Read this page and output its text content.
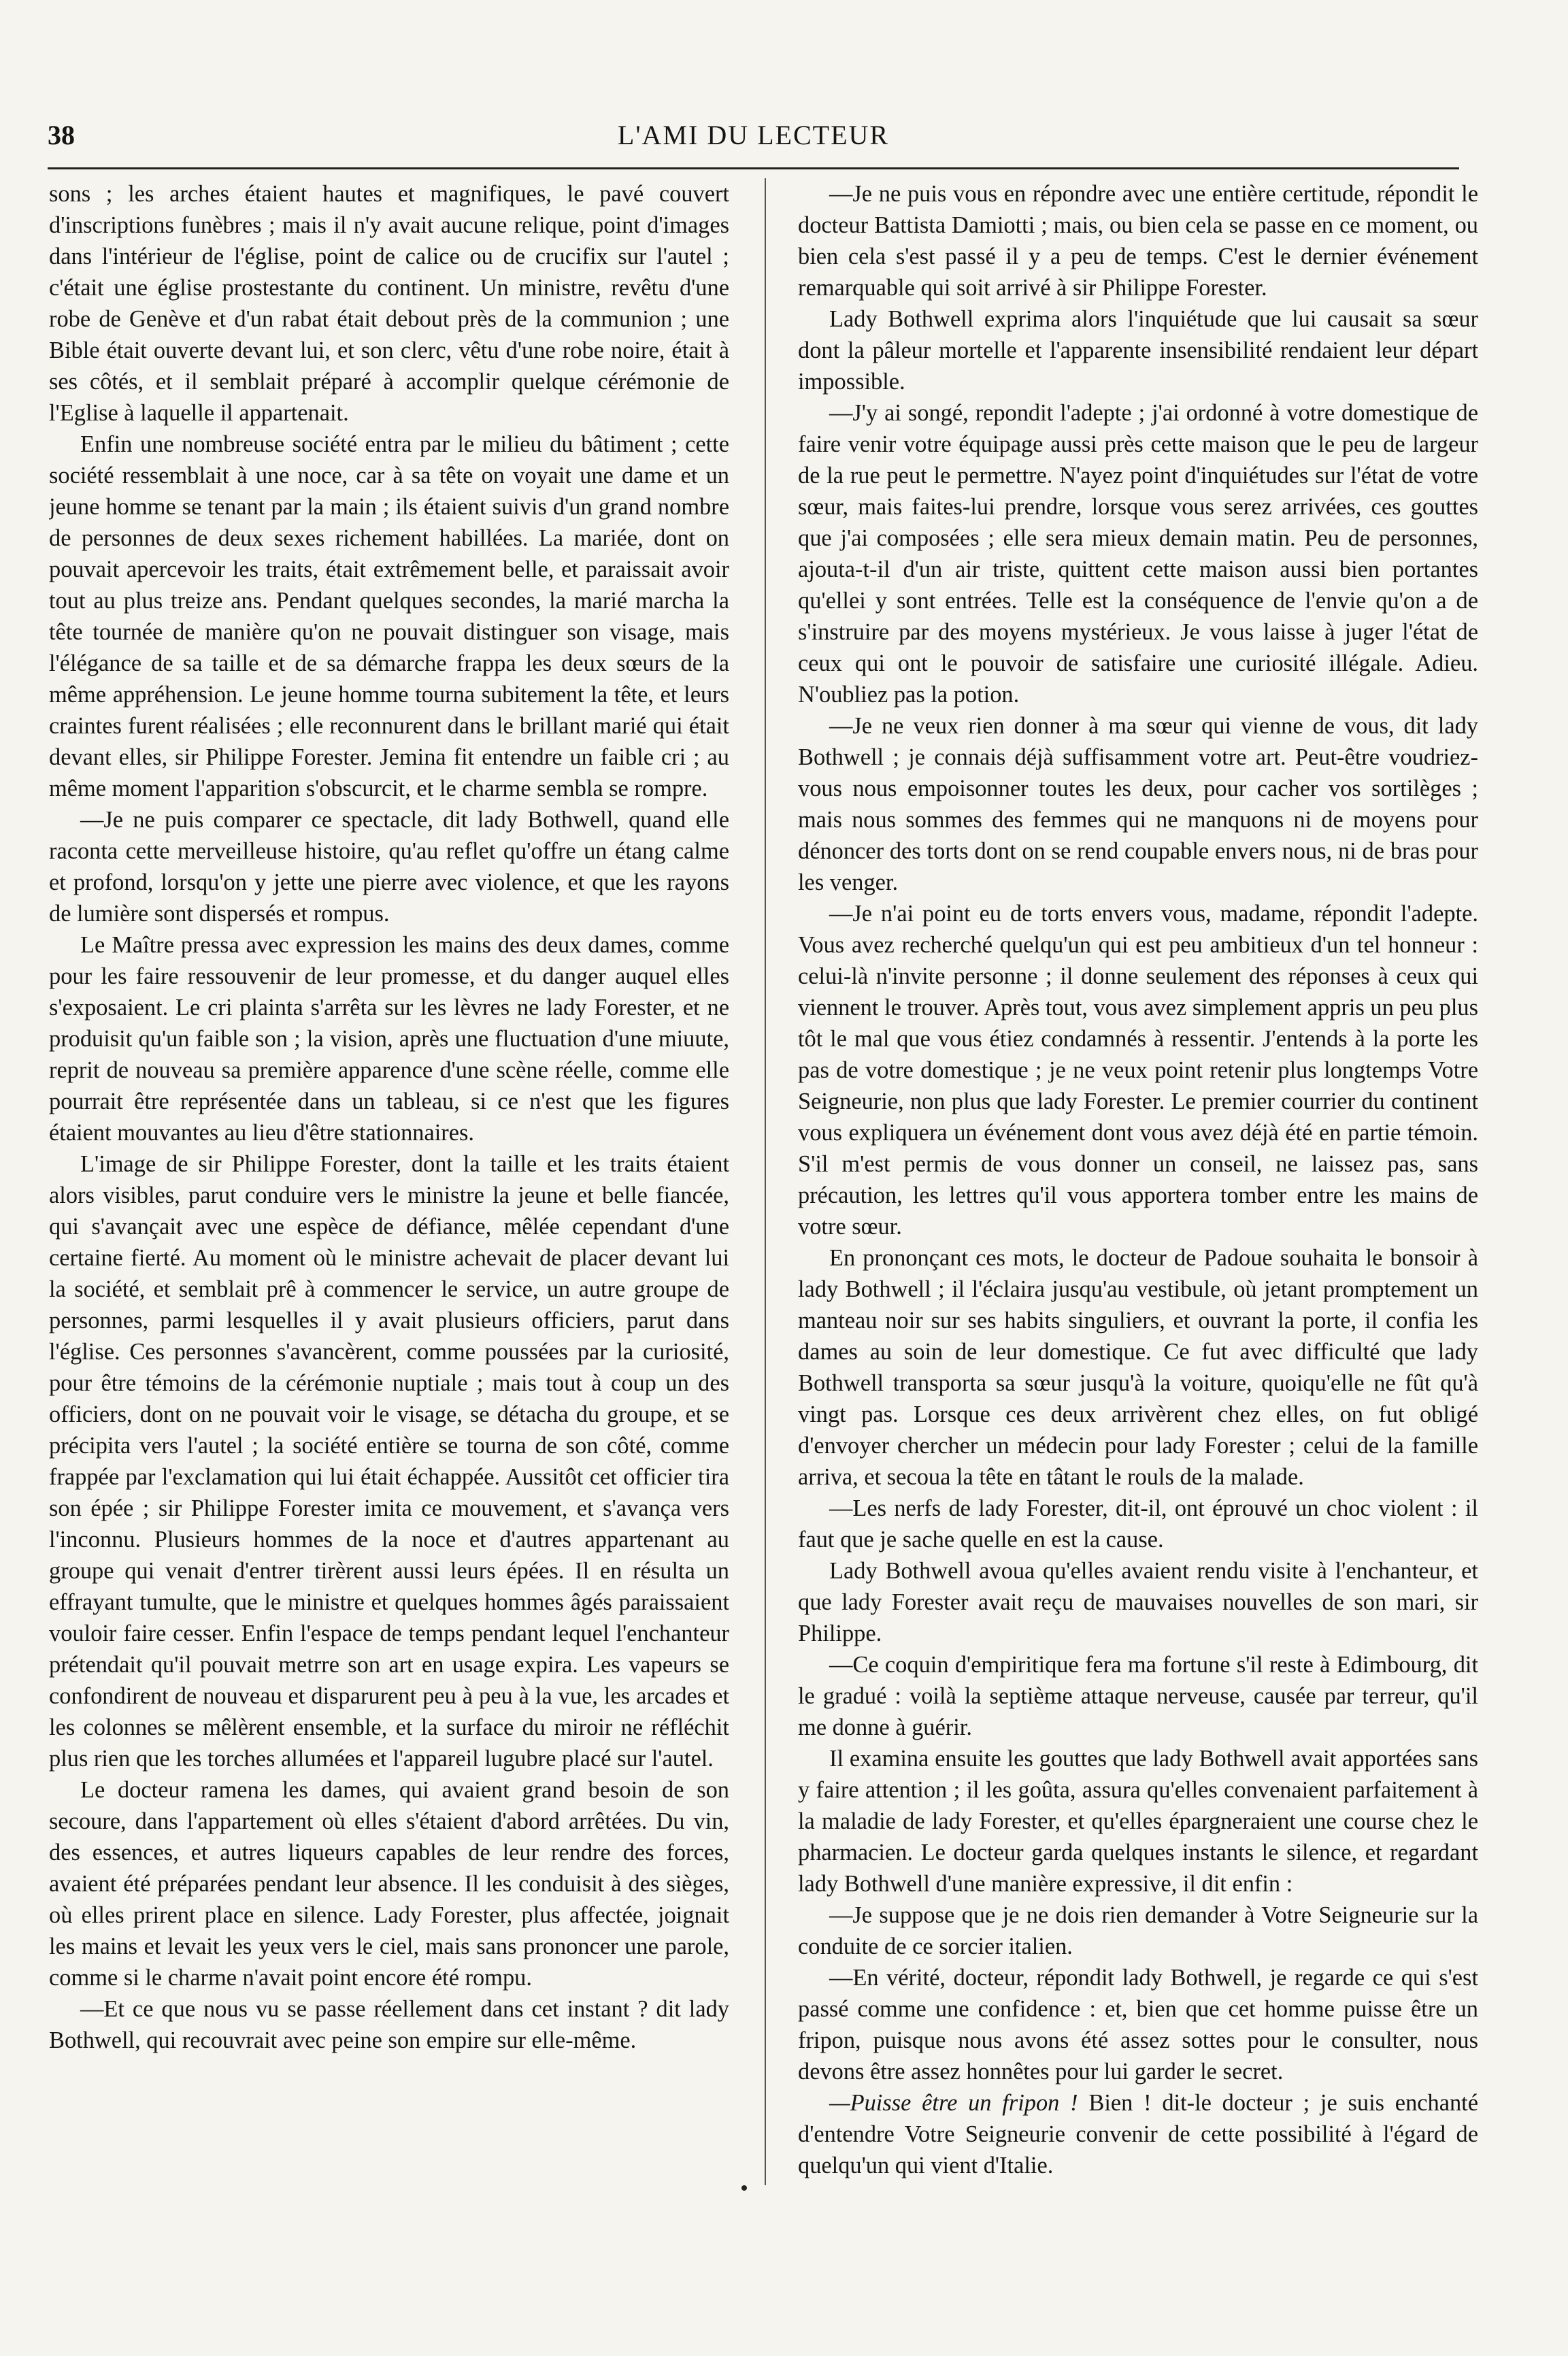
38	L'AMI DU LECTEUR

sons ; les arches étaient hautes et magnifiques, le pavé couvert d'inscriptions funèbres ; mais il n'y avait aucune relique, point d'images dans l'intérieur de l'église, point de calice ou de crucifix sur l'autel ; c'était une église prostestante du continent. Un ministre, revêtu d'une robe de Genève et d'un rabat était debout près de la communion ; une Bible était ouverte devant lui, et son clerc, vêtu d'une robe noire, était à ses côtés, et il semblait préparé à accomplir quelque cérémonie de l'Eglise à laquelle il appartenait.

Enfin une nombreuse société entra par le milieu du bâtiment ; cette société ressemblait à une noce, car à sa tête on voyait une dame et un jeune homme se tenant par la main ; ils étaient suivis d'un grand nombre de personnes de deux sexes richement habillées. La mariée, dont on pouvait apercevoir les traits, était extrêmement belle, et paraissait avoir tout au plus treize ans. Pendant quelques secondes, la marié marcha la tête tournée de manière qu'on ne pouvait distinguer son visage, mais l'élégance de sa taille et de sa démarche frappa les deux sœurs de la même appréhension. Le jeune homme tourna subitement la tête, et leurs craintes furent réalisées ; elle reconnurent dans le brillant marié qui était devant elles, sir Philippe Forester. Jemina fit entendre un faible cri ; au même moment l'apparition s'obscurcit, et le charme sembla se rompre.

—Je ne puis comparer ce spectacle, dit lady Bothwell, quand elle raconta cette merveilleuse histoire, qu'au reflet qu'offre un étang calme et profond, lorsqu'on y jette une pierre avec violence, et que les rayons de lumière sont dispersés et rompus.

Le Maître pressa avec expression les mains des deux dames, comme pour les faire ressouvenir de leur promesse, et du danger auquel elles s'exposaient. Le cri plainta s'arrêta sur les lèvres ne lady Forester, et ne produisit qu'un faible son ; la vision, après une fluctuation d'une miuute, reprit de nouveau sa première apparence d'une scène réelle, comme elle pourrait être représentée dans un tableau, si ce n'est que les figures étaient mouvantes au lieu d'être stationnaires.

L'image de sir Philippe Forester, dont la taille et les traits étaient alors visibles, parut conduire vers le ministre la jeune et belle fiancée, qui s'avançait avec une espèce de défiance, mêlée cependant d'une certaine fierté. Au moment où le ministre achevait de placer devant lui la société, et semblait prê à commencer le service, un autre groupe de personnes, parmi lesquelles il y avait plusieurs officiers, parut dans l'église. Ces personnes s'avancèrent, comme poussées par la curiosité, pour être témoins de la cérémonie nuptiale ; mais tout à coup un des officiers, dont on ne pouvait voir le visage, se détacha du groupe, et se précipita vers l'autel ; la société entière se tourna de son côté, comme frappée par l'exclamation qui lui était échappée. Aussitôt cet officier tira son épée ; sir Philippe Forester imita ce mouvement, et s'avança vers l'inconnu. Plusieurs hommes de la noce et d'autres appartenant au groupe qui venait d'entrer tirèrent aussi leurs épées. Il en résulta un effrayant tumulte, que le ministre et quelques hommes âgés paraissaient vouloir faire cesser. Enfin l'espace de temps pendant lequel l'enchanteur prétendait qu'il pouvait metrre son art en usage expira. Les vapeurs se confondirent de nouveau et disparurent peu à peu à la vue, les arcades et les colonnes se mêlèrent ensemble, et la surface du miroir ne réfléchit plus rien que les torches allumées et l'appareil lugubre placé sur l'autel.

Le docteur ramena les dames, qui avaient grand besoin de son secoure, dans l'appartement où elles s'étaient d'abord arrêtées. Du vin, des essences, et autres liqueurs capables de leur rendre des forces, avaient été préparées pendant leur absence. Il les conduisit à des sièges, où elles prirent place en silence. Lady Forester, plus affectée, joignait les mains et levait les yeux vers le ciel, mais sans prononcer une parole, comme si le charme n'avait point encore été rompu.

—Et ce que nous vu se passe réellement dans cet instant ? dit lady Bothwell, qui recouvrait avec peine son empire sur elle-même.

—Je ne puis vous en répondre avec une entière certitude, répondit le docteur Battista Damiotti ; mais, ou bien cela se passe en ce moment, ou bien cela s'est passé il y a peu de temps. C'est le dernier événement remarquable qui soit arrivé à sir Philippe Forester.

Lady Bothwell exprima alors l'inquiétude que lui causait sa sœur dont la pâleur mortelle et l'apparente insensibilité rendaient leur départ impossible.

—J'y ai songé, repondit l'adepte ; j'ai ordonné à votre domestique de faire venir votre équipage aussi près cette maison que le peu de largeur de la rue peut le permettre. N'ayez point d'inquiétudes sur l'état de votre sœur, mais faites-lui prendre, lorsque vous serez arrivées, ces gouttes que j'ai composées ; elle sera mieux demain matin. Peu de personnes, ajouta-t-il d'un air triste, quittent cette maison aussi bien portantes qu'ellei y sont entrées. Telle est la conséquence de l'envie qu'on a de s'instruire par des moyens mystérieux. Je vous laisse à juger l'état de ceux qui ont le pouvoir de satisfaire une curiosité illégale. Adieu. N'oubliez pas la potion.

—Je ne veux rien donner à ma sœur qui vienne de vous, dit lady Bothwell ; je connais déjà suffisamment votre art. Peut-être voudriez-vous nous empoisonner toutes les deux, pour cacher vos sortilèges ; mais nous sommes des femmes qui ne manquons ni de moyens pour dénoncer des torts dont on se rend coupable envers nous, ni de bras pour les venger.

—Je n'ai point eu de torts envers vous, madame, répondit l'adepte. Vous avez recherché quelqu'un qui est peu ambitieux d'un tel honneur : celui-là n'invite personne ; il donne seulement des réponses à ceux qui viennent le trouver. Après tout, vous avez simplement appris un peu plus tôt le mal que vous étiez condamnés à ressentir. J'entends à la porte les pas de votre domestique ; je ne veux point retenir plus longtemps Votre Seigneurie, non plus que lady Forester. Le premier courrier du continent vous expliquera un événement dont vous avez déjà été en partie témoin. S'il m'est permis de vous donner un conseil, ne laissez pas, sans précaution, les lettres qu'il vous apportera tomber entre les mains de votre sœur.

En prononçant ces mots, le docteur de Padoue souhaita le bonsoir à lady Bothwell ; il l'éclaira jusqu'au vestibule, où jetant promptement un manteau noir sur ses habits singuliers, et ouvrant la porte, il confia les dames au soin de leur domestique. Ce fut avec difficulté que lady Bothwell transporta sa sœur jusqu'à la voiture, quoiqu'elle ne fût qu'à vingt pas. Lorsque ces deux arrivèrent chez elles, on fut obligé d'envoyer chercher un médecin pour lady Forester ; celui de la famille arriva, et secoua la tête en tâtant le rouls de la malade.

—Les nerfs de lady Forester, dit-il, ont éprouvé un choc violent : il faut que je sache quelle en est la cause.

Lady Bothwell avoua qu'elles avaient rendu visite à l'enchanteur, et que lady Forester avait reçu de mauvaises nouvelles de son mari, sir Philippe.

—Ce coquin d'empiritique fera ma fortune s'il reste à Edimbourg, dit le gradué : voilà la septième attaque nerveuse, causée par terreur, qu'il me donne à guérir.

Il examina ensuite les gouttes que lady Bothwell avait apportées sans y faire attention ; il les goûta, assura qu'elles convenaient parfaitement à la maladie de lady Forester, et qu'elles épargneraient une course chez le pharmacien. Le docteur garda quelques instants le silence, et regardant lady Bothwell d'une manière expressive, il dit enfin :

—Je suppose que je ne dois rien demander à Votre Seigneurie sur la conduite de ce sorcier italien.

—En vérité, docteur, répondit lady Bothwell, je regarde ce qui s'est passé comme une confidence : et, bien que cet homme puisse être un fripon, puisque nous avons été assez sottes pour le consulter, nous devons être assez honnêtes pour lui garder le secret.

—Puisse être un fripon ! Bien ! dit-le docteur ; je suis enchanté d'entendre Votre Seigneurie convenir de cette possibilité à l'égard de quelqu'un qui vient d'Italie.
